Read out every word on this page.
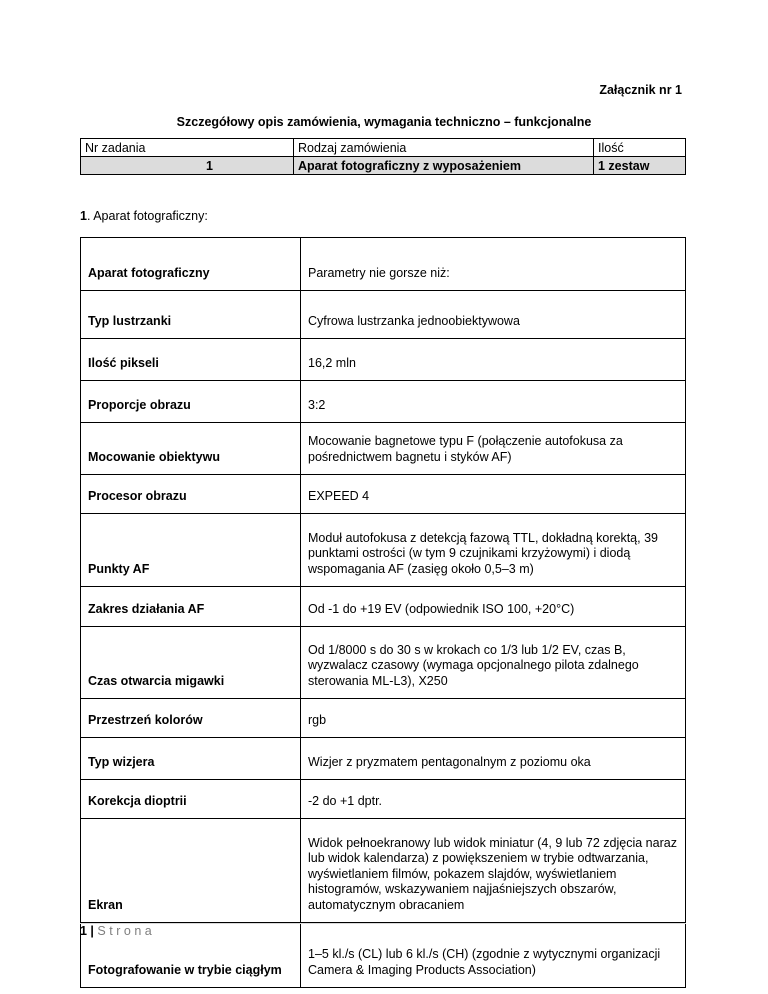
Załącznik nr 1
Szczegółowy opis zamówienia, wymagania techniczno – funkcjonalne
Nr zadania	Rodzaj zamówienia	Ilość
1	Aparat fotograficzny z wyposażeniem	1 zestaw
1. Aparat fotograficzny:
Aparat fotograficzny	Parametry nie gorsze niż:
Typ lustrzanki	Cyfrowa lustrzanka jednoobiektywowa
Ilość pikseli	16,2 mln
Proporcje obrazu	3:2
Mocowanie obiektywu	Mocowanie bagnetowe typu F (połączenie autofokusa za pośrednictwem bagnetu i styków AF)
Procesor obrazu	EXPEED 4
Punkty AF	Moduł autofokusa z detekcją fazową TTL, dokładną korektą, 39 punktami ostrości (w tym 9 czujnikami krzyżowymi) i diodą wspomagania AF (zasięg około 0,5–3 m)
Zakres działania AF	Od -1 do +19 EV (odpowiednik ISO 100, +20°C)
Czas otwarcia migawki	Od 1/8000 s do 30 s w krokach co 1/3 lub 1/2 EV, czas B, wyzwalacz czasowy (wymaga opcjonalnego pilota zdalnego sterowania ML-L3), X250
Przestrzeń kolorów	rgb
Typ wizjera	Wizjer z pryzmatem pentagonalnym z poziomu oka
Korekcja dioptrii	-2 do +1 dptr.
Ekran	Widok pełnoekranowy lub widok miniatur (4, 9 lub 72 zdjęcia naraz lub widok kalendarza) z powiększeniem w trybie odtwarzania, wyświetlaniem filmów, pokazem slajdów, wyświetlaniem histogramów, wskazywaniem najjaśniejszych obszarów, automatycznym obracaniem
Fotografowanie w trybie ciągłym	1–5 kl./s (CL) lub 6 kl./s (CH) (zgodnie z wytycznymi organizacji Camera & Imaging Products Association)
1 | Strona
